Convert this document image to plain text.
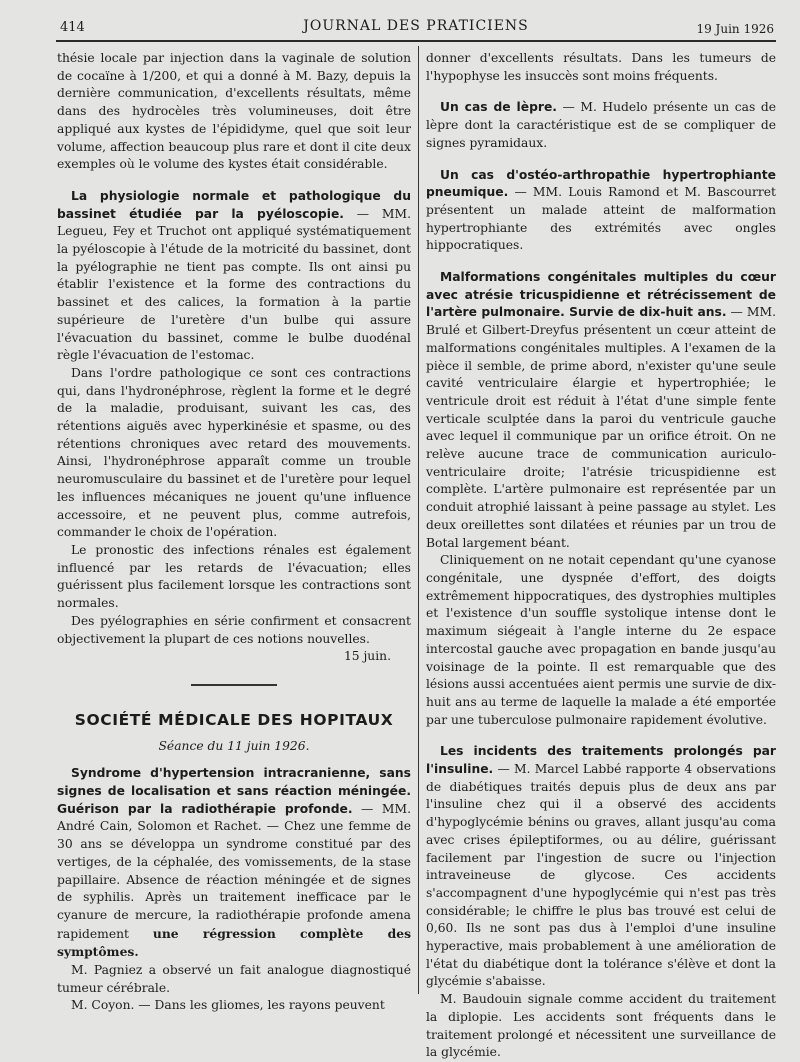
414	JOURNAL DES PRATICIENS	19 Juin 1926

thésie locale par injection dans la vaginale de solution de cocaïne à 1/200, et qui a donné à M. Bazy, depuis la dernière communication, d'excellents résultats, même dans des hydrocèles très volumineuses, doit être appliqué aux kystes de l'épididyme, quel que soit leur volume, affection beaucoup plus rare et dont il cite deux exemples où le volume des kystes était considérable.

La physiologie normale et pathologique du bassinet étudiée par la pyéloscopie. — MM. Legueu, Fey et Truchot ont appliqué systématiquement la pyéloscopie à l'étude de la motricité du bassinet, dont la pyélographie ne tient pas compte. Ils ont ainsi pu établir l'existence et la forme des contractions du bassinet et des calices, la formation à la partie supérieure de l'uretère d'un bulbe qui assure l'évacuation du bassinet, comme le bulbe duodénal règle l'évacuation de l'estomac.

Dans l'ordre pathologique ce sont ces contractions qui, dans l'hydronéphrose, règlent la forme et le degré de la maladie, produisant, suivant les cas, des rétentions aiguës avec hyperkinésie et spasme, ou des rétentions chroniques avec retard des mouvements. Ainsi, l'hydronéphrose apparaît comme un trouble neuromusculaire du bassinet et de l'uretère pour lequel les influences mécaniques ne jouent qu'une influence accessoire, et ne peuvent plus, comme autrefois, commander le choix de l'opération.

Le pronostic des infections rénales est également influencé par les retards de l'évacuation; elles guérissent plus facilement lorsque les contractions sont normales.

Des pyélographies en série confirment et consacrent objectivement la plupart de ces notions nouvelles.

15 juin.

SOCIÉTÉ MÉDICALE DES HOPITAUX
Séance du 11 juin 1926.

Syndrome d'hypertension intracranienne, sans signes de localisation et sans réaction méningée. Guérison par la radiothérapie profonde. — MM. André Cain, Solomon et Rachet. — Chez une femme de 30 ans se développa un syndrome constitué par des vertiges, de la céphalée, des vomissements, de la stase papillaire. Absence de réaction méningée et de signes de syphilis. Après un traitement inefficace par le cyanure de mercure, la radiothérapie profonde amena rapidement une régression complète des symptômes.

M. Pagniez a observé un fait analogue diagnostiqué tumeur cérébrale.

M. Coyon. — Dans les gliomes, les rayons peuvent

donner d'excellents résultats. Dans les tumeurs de l'hypophyse les insuccès sont moins fréquents.

Un cas de lèpre. — M. Hudelo présente un cas de lèpre dont la caractéristique est de se compliquer de signes pyramidaux.

Un cas d'ostéo-arthropathie hypertrophiante pneumique. — MM. Louis Ramond et M. Bascourret présentent un malade atteint de malformation hypertrophiante des extrémités avec ongles hippocratiques.

Malformations congénitales multiples du cœur avec atrésie tricuspidienne et rétrécissement de l'artère pulmonaire. Survie de dix-huit ans. — MM. Brulé et Gilbert-Dreyfus présentent un cœur atteint de malformations congénitales multiples. A l'examen de la pièce il semble, de prime abord, n'exister qu'une seule cavité ventriculaire élargie et hypertrophiée; le ventricule droit est réduit à l'état d'une simple fente verticale sculptée dans la paroi du ventricule gauche avec lequel il communique par un orifice étroit. On ne relève aucune trace de communication auriculo-ventriculaire droite; l'atrésie tricuspidienne est complète. L'artère pulmonaire est représentée par un conduit atrophié laissant à peine passage au stylet. Les deux oreillettes sont dilatées et réunies par un trou de Botal largement béant.

Cliniquement on ne notait cependant qu'une cyanose congénitale, une dyspnée d'effort, des doigts extrêmement hippocratiques, des dystrophies multiples et l'existence d'un souffle systolique intense dont le maximum siégeait à l'angle interne du 2e espace intercostal gauche avec propagation en bande jusqu'au voisinage de la pointe. Il est remarquable que des lésions aussi accentuées aient permis une survie de dix-huit ans au terme de laquelle la malade a été emportée par une tuberculose pulmonaire rapidement évolutive.

Les incidents des traitements prolongés par l'insuline. — M. Marcel Labbé rapporte 4 observations de diabétiques traités depuis plus de deux ans par l'insuline chez qui il a observé des accidents d'hypoglycémie bénins ou graves, allant jusqu'au coma avec crises épileptiformes, ou au délire, guérissant facilement par l'ingestion de sucre ou l'injection intraveineuse de glycose. Ces accidents s'accompagnent d'une hypoglycémie qui n'est pas très considérable; le chiffre le plus bas trouvé est celui de 0,60. Ils ne sont pas dus à l'emploi d'une insuline hyperactive, mais probablement à une amélioration de l'état du diabétique dont la tolérance s'élève et dont la glycémie s'abaisse.

M. Baudouin signale comme accident du traitement la diplopie. Les accidents sont fréquents dans le traitement prolongé et nécessitent une surveillance de la glycémie.
